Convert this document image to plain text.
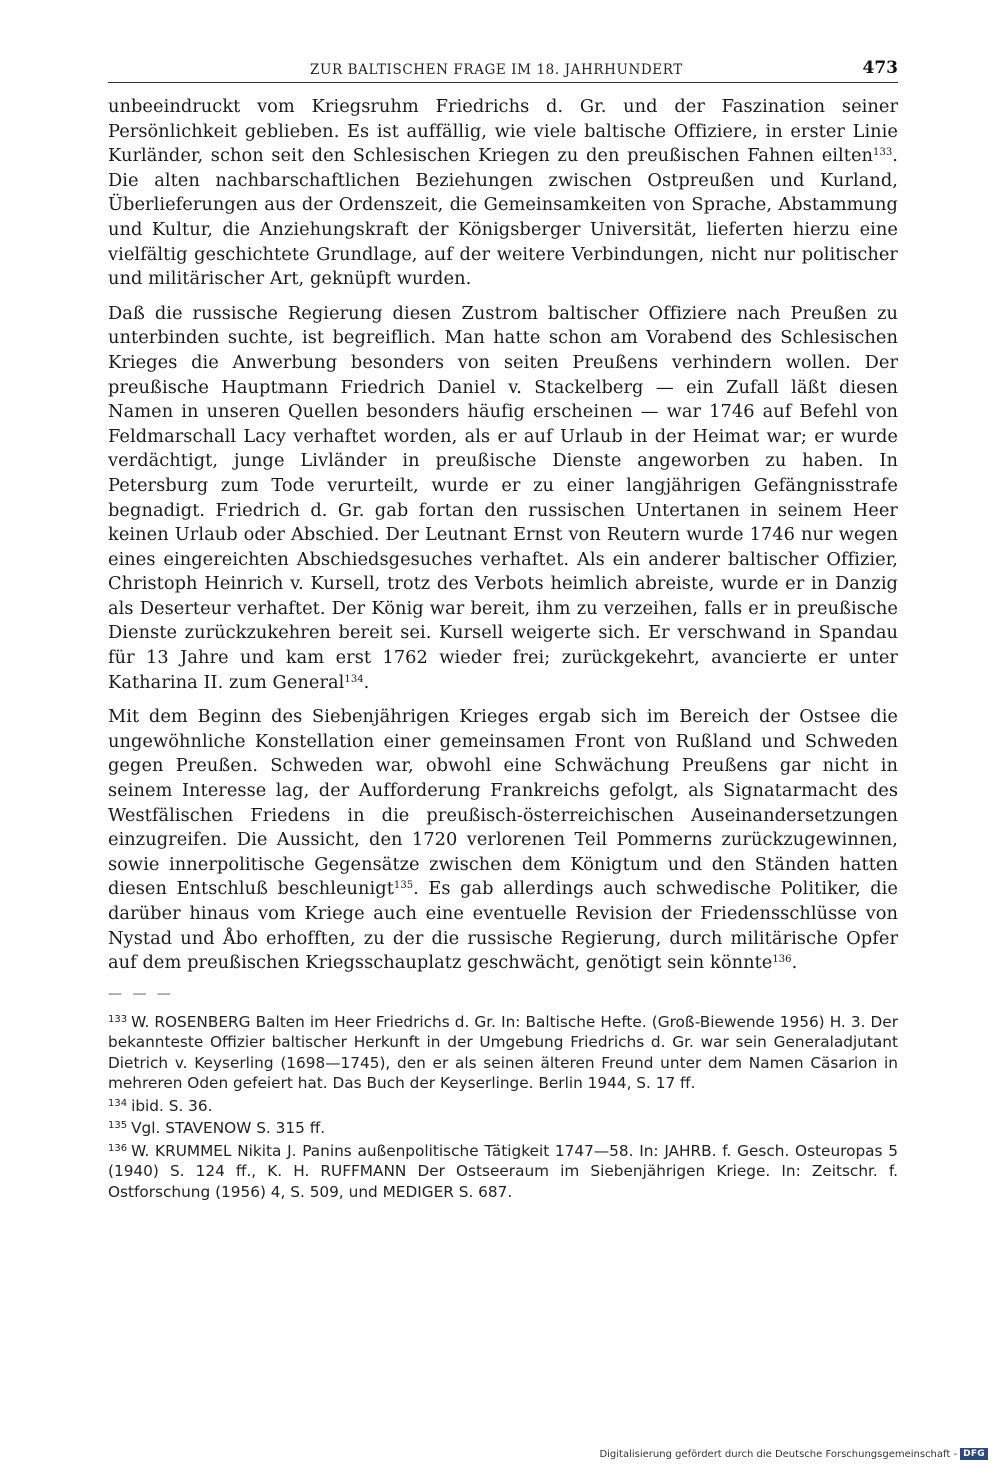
ZUR BALTISCHEN FRAGE IM 18. JAHRHUNDERT	473

unbeeindruckt vom Kriegsruhm Friedrichs d. Gr. und der Faszination seiner Persönlichkeit geblieben. Es ist auffällig, wie viele baltische Offiziere, in erster Linie Kurländer, schon seit den Schlesischen Kriegen zu den preußischen Fahnen eilten$^{133}$. Die alten nachbarschaftlichen Beziehungen zwischen Ostpreußen und Kurland, Überlieferungen aus der Ordenszeit, die Gemeinsamkeiten von Sprache, Abstammung und Kultur, die Anziehungskraft der Königsberger Universität, lieferten hierzu eine vielfältig geschichtete Grundlage, auf der weitere Verbindungen, nicht nur politischer und militärischer Art, geknüpft wurden.

Daß die russische Regierung diesen Zustrom baltischer Offiziere nach Preußen zu unterbinden suchte, ist begreiflich. Man hatte schon am Vorabend des Schlesischen Krieges die Anwerbung besonders von seiten Preußens verhindern wollen. Der preußische Hauptmann Friedrich Daniel v. Stackelberg — ein Zufall läßt diesen Namen in unseren Quellen besonders häufig erscheinen — war 1746 auf Befehl von Feldmarschall Lacy verhaftet worden, als er auf Urlaub in der Heimat war; er wurde verdächtigt, junge Livländer in preußische Dienste angeworben zu haben. In Petersburg zum Tode verurteilt, wurde er zu einer langjährigen Gefängnisstrafe begnadigt. Friedrich d. Gr. gab fortan den russischen Untertanen in seinem Heer keinen Urlaub oder Abschied. Der Leutnant Ernst von Reutern wurde 1746 nur wegen eines eingereichten Abschiedsgesuches verhaftet. Als ein anderer baltischer Offizier, Christoph Heinrich v. Kursell, trotz des Verbots heimlich abreiste, wurde er in Danzig als Deserteur verhaftet. Der König war bereit, ihm zu verzeihen, falls er in preußische Dienste zurückzukehren bereit sei. Kursell weigerte sich. Er verschwand in Spandau für 13 Jahre und kam erst 1762 wieder frei; zurückgekehrt, avancierte er unter Katharina II. zum General$^{134}$.

Mit dem Beginn des Siebenjährigen Krieges ergab sich im Bereich der Ostsee die ungewöhnliche Konstellation einer gemeinsamen Front von Rußland und Schweden gegen Preußen. Schweden war, obwohl eine Schwächung Preußens gar nicht in seinem Interesse lag, der Aufforderung Frankreichs gefolgt, als Signatarmacht des Westfälischen Friedens in die preußisch-österreichischen Auseinandersetzungen einzugreifen. Die Aussicht, den 1720 verlorenen Teil Pommerns zurückzugewinnen, sowie innerpolitische Gegensätze zwischen dem Königtum und den Ständen hatten diesen Entschluß beschleunigt$^{135}$. Es gab allerdings auch schwedische Politiker, die darüber hinaus vom Kriege auch eine eventuelle Revision der Friedensschlüsse von Nystad und Åbo erhofften, zu der die russische Regierung, durch militärische Opfer auf dem preußischen Kriegsschauplatz geschwächt, genötigt sein könnte$^{136}$.

— — —

$^{133}$ W. ROSENBERG Balten im Heer Friedrichs d. Gr. In: Baltische Hefte. (Groß-Biewende 1956) H. 3. Der bekannteste Offizier baltischer Herkunft in der Umgebung Friedrichs d. Gr. war sein Generaladjutant Dietrich v. Keyserling (1698—1745), den er als seinen älteren Freund unter dem Namen Cäsarion in mehreren Oden gefeiert hat. Das Buch der Keyserlinge. Berlin 1944, S. 17 ff.

$^{134}$ ibid. S. 36.

$^{135}$ Vgl. STAVENOW S. 315 ff.

$^{136}$ W. KRUMMEL Nikita J. Panins außenpolitische Tätigkeit 1747—58. In: JAHRB. f. Gesch. Osteuropas 5 (1940) S. 124 ff., K. H. RUFFMANN Der Ostseeraum im Siebenjährigen Kriege. In: Zeitschr. f. Ostforschung (1956) 4, S. 509, und MEDIGER S. 687.

Digitalisierung gefördert durch die Deutsche Forschungsgemeinschaft - DFG
